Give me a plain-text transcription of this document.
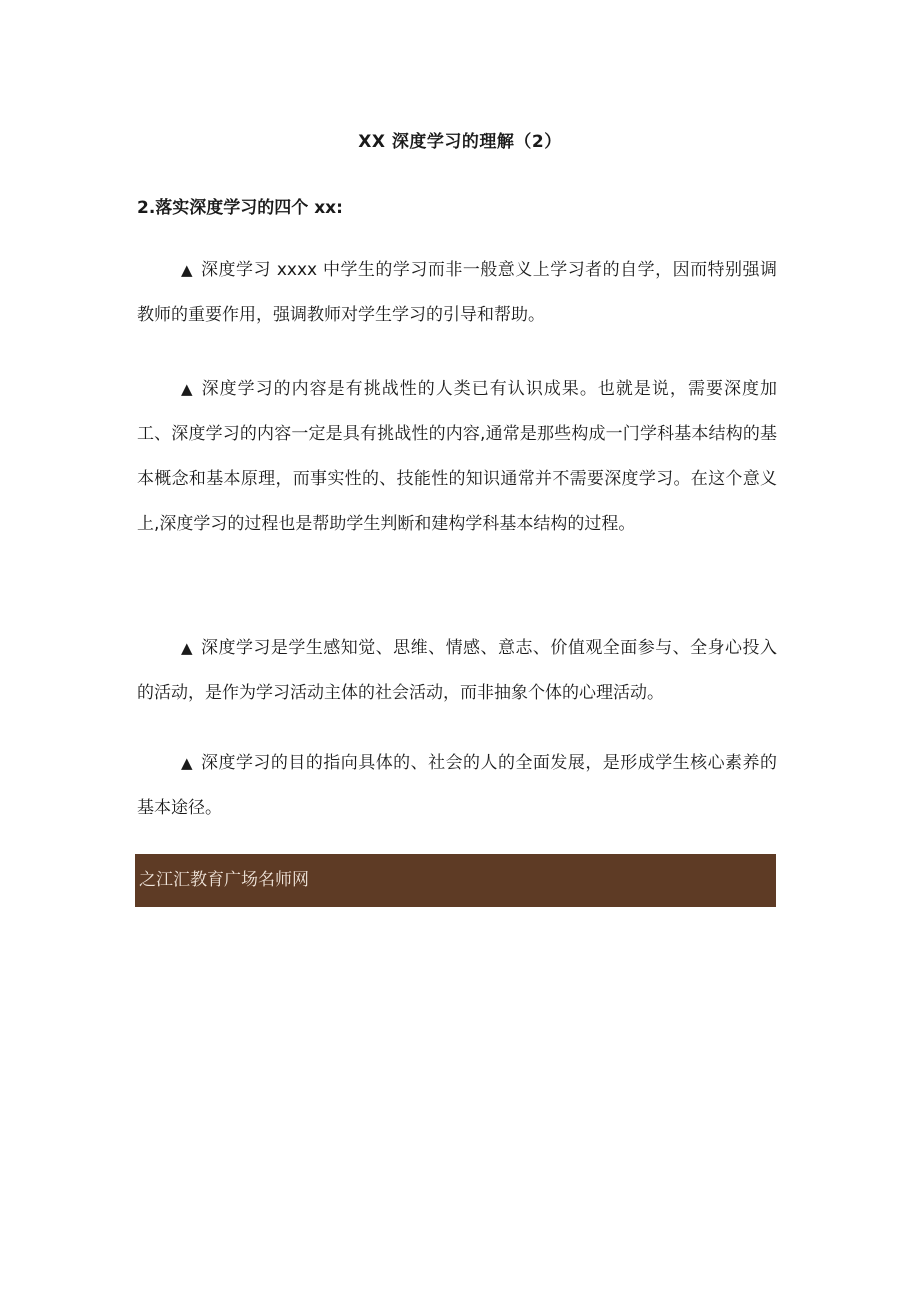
XX 深度学习的理解（2）
2.落实深度学习的四个 xx:

▲ 深度学习 xxxx 中学生的学习而非一般意义上学习者的自学，因而特别强调教师的重要作用，强调教师对学生学习的引导和帮助。

▲ 深度学习的内容是有挑战性的人类已有认识成果。也就是说，需要深度加工、深度学习的内容一定是具有挑战性的内容,通常是那些构成一门学科基本结构的基本概念和基本原理，而事实性的、技能性的知识通常并不需要深度学习。在这个意义上,深度学习的过程也是帮助学生判断和建构学科基本结构的过程。

▲ 深度学习是学生感知觉、思维、情感、意志、价值观全面参与、全身心投入的活动，是作为学习活动主体的社会活动，而非抽象个体的心理活动。

▲ 深度学习的目的指向具体的、社会的人的全面发展，是形成学生核心素养的基本途径。

之江汇教育广场名师网
